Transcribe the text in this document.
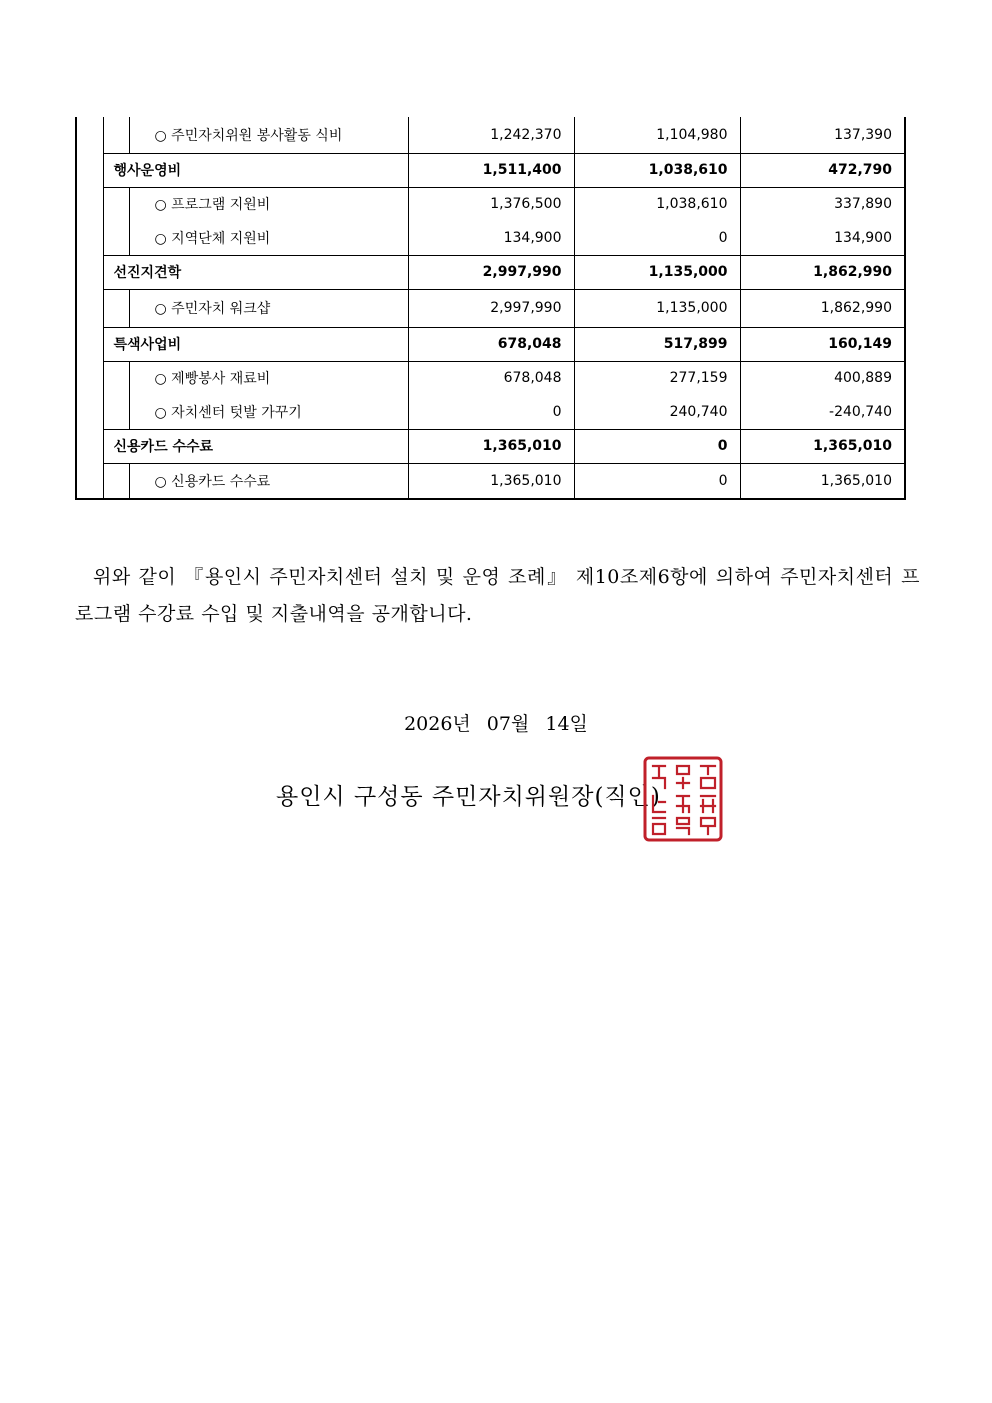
		○ 주민자치위원 봉사활동 식비	1,242,370	1,104,980	137,390
	행사운영비		1,511,400	1,038,610	472,790
		○ 프로그램 지원비	1,376,500	1,038,610	337,890
		○ 지역단체 지원비	134,900	0	134,900
	선진지견학		2,997,990	1,135,000	1,862,990
		○ 주민자치 워크샵	2,997,990	1,135,000	1,862,990
	특색사업비		678,048	517,899	160,149
		○ 제빵봉사 재료비	678,048	277,159	400,889
		○ 자치센터 텃발 가꾸기	0	240,740	-240,740
	신용카드 수수료		1,365,010	0	1,365,010
		○ 신용카드 수수료	1,365,010	0	1,365,010

위와 같이 『용인시 주민자치센터 설치 및 운영 조례』 제10조제6항에 의하여 주민자치센터 프로그램 수강료 수입 및 지출내역을 공개합니다.

2026년 07월 14일
용인시 구성동 주민자치위원장(직인)
